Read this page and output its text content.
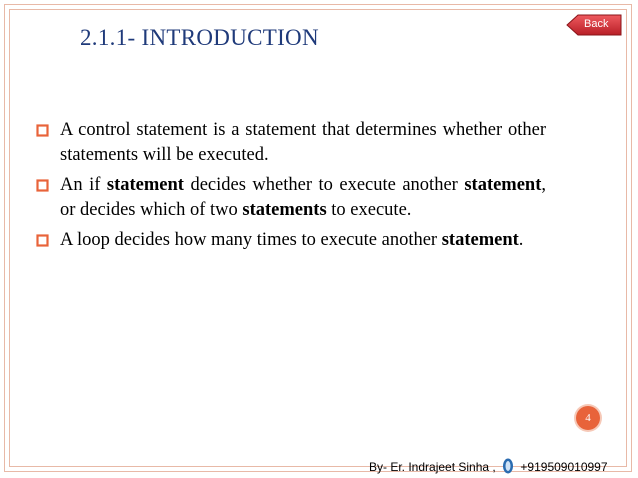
Back
2.1.1- INTRODUCTION
A control statement is a statement that determines whether other statements will be executed.
An if statement decides whether to execute another statement, or decides which of two statements to execute.
A loop decides how many times to execute another statement.
4
By- Er. Indrajeet Sinha , +919509010997
